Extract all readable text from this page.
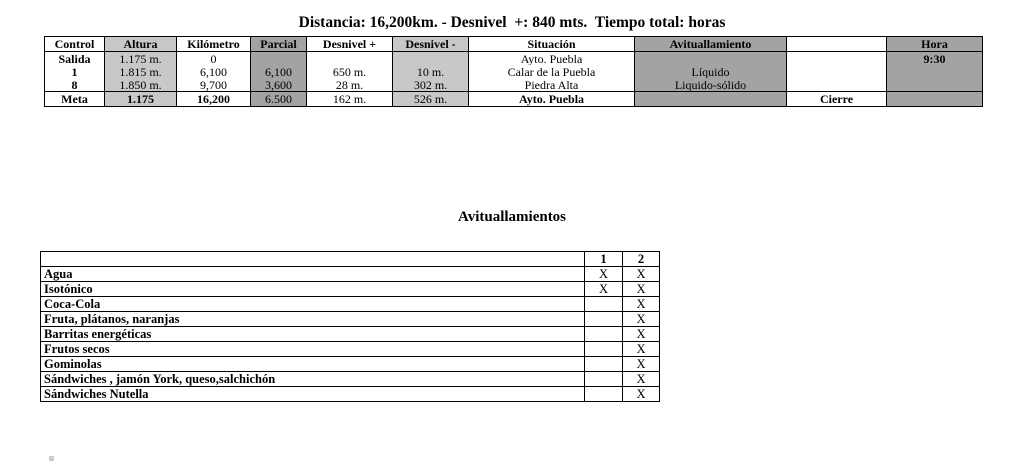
Distancia: 16,200km. - Desnivel  +: 840 mts.  Tiempo total: horas
Control	Altura	Kilómetro	Parcial	Desnivel +	Desnivel -	Situación	Avituallamiento		Hora
Salida	1.175 m.	0				Ayto. Puebla			9:30
1	1.815 m.	6,100	6,100	650 m.	10 m.	Calar de la Puebla	Líquido		
8	1.850 m.	9,700	3,600	28 m.	302 m.	Piedra Alta	Liquido-sólido		
Meta	1.175	16,200	6.500	162 m.	526 m.	Ayto. Puebla		Cierre	
Avituallamientos
	1	2
Agua	X	X
Isotónico	X	X
Coca-Cola		X
Fruta, plátanos, naranjas		X
Barritas energéticas		X
Frutos secos		X
Gominolas		X
Sándwiches , jamón York, queso,salchichón		X
Sándwiches Nutella		X
